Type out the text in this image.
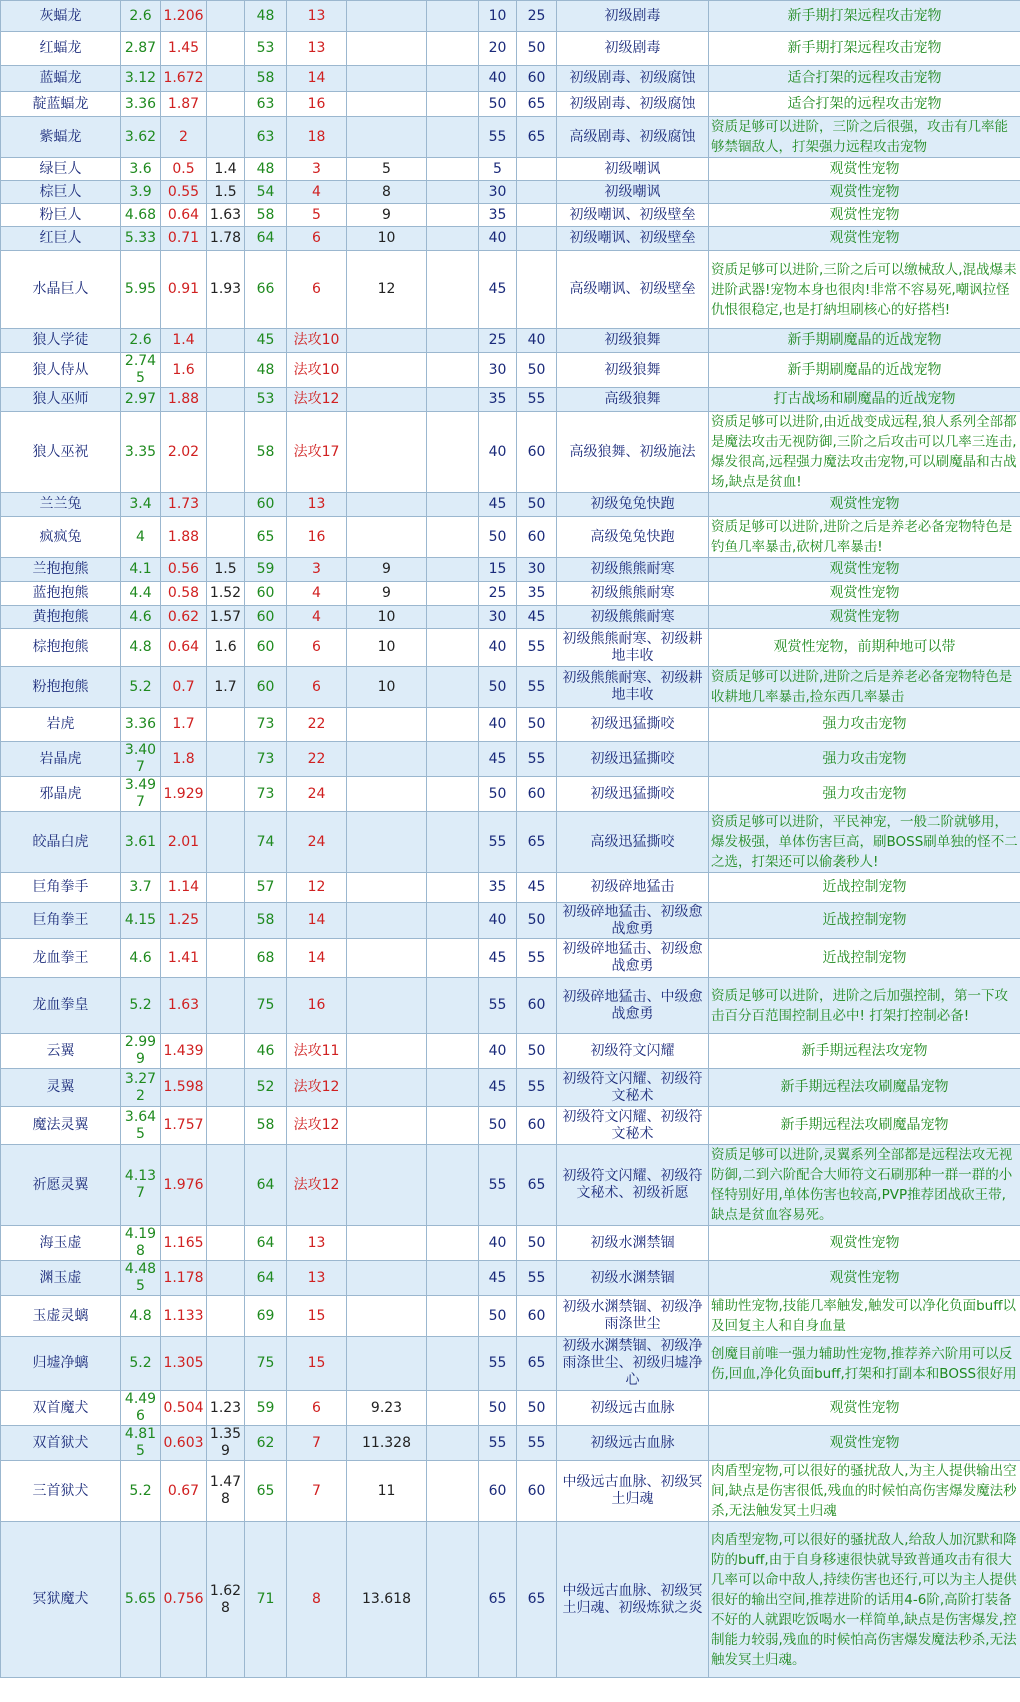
灰蝠龙	2.6	1.206		48	13			10	25	初级剧毒	新手期打架远程攻击宠物
红蝠龙	2.87	1.45		53	13			20	50	初级剧毒	新手期打架远程攻击宠物
蓝蝠龙	3.12	1.672		58	14			40	60	初级剧毒、初级腐蚀	适合打架的远程攻击宠物
靛蓝蝠龙	3.36	1.87		63	16			50	65	初级剧毒、初级腐蚀	适合打架的远程攻击宠物
紫蝠龙	3.62	2		63	18			55	65	高级剧毒、初级腐蚀	资质足够可以进阶，三阶之后很强，攻击有几率能够禁锢敌人，打架强力远程攻击宠物
绿巨人	3.6	0.5	1.4	48	3	5		5		初级嘲讽	观赏性宠物
棕巨人	3.9	0.55	1.5	54	4	8		30		初级嘲讽	观赏性宠物
粉巨人	4.68	0.64	1.63	58	5	9		35		初级嘲讽、初级壁垒	观赏性宠物
红巨人	5.33	0.71	1.78	64	6	10		40		初级嘲讽、初级壁垒	观赏性宠物
水晶巨人	5.95	0.91	1.93	66	6	12		45		高级嘲讽、初级壁垒	资质足够可以进阶,三阶之后可以缴械敌人,混战爆耒进阶武器!宠物本身也很肉!非常不容易死,嘲讽拉怪仇恨很稳定,也是打納坦刷核心的好搭档!
狼人学徒	2.6	1.4		45	法攻10			25	40	初级狼舞	新手期刷魔晶的近战宠物
狼人侍从	2.745	1.6		48	法攻10			30	50	初级狼舞	新手期刷魔晶的近战宠物
狼人巫师	2.97	1.88		53	法攻12			35	55	高级狼舞	打古战场和刷魔晶的近战宠物
狼人巫祝	3.35	2.02		58	法攻17			40	60	高级狼舞、初级施法	资质足够可以进阶,由近战变成远程,狼人系列全部都是魔法攻击无视防御,三阶之后攻击可以几率三连击,爆发很高,远程强力魔法攻击宠物,可以刷魔晶和古战场,缺点是贫血!
兰兰兔	3.4	1.73		60	13			45	50	初级兔兔快跑	观赏性宠物
疯疯兔	4	1.88		65	16			50	60	高级兔兔快跑	资质足够可以进阶,进阶之后是养老必备宠物特色是钓鱼几率暴击,砍树几率暴击!
兰抱抱熊	4.1	0.56	1.5	59	3	9		15	30	初级熊熊耐寒	观赏性宠物
蓝抱抱熊	4.4	0.58	1.52	60	4	9		25	35	初级熊熊耐寒	观赏性宠物
黄抱抱熊	4.6	0.62	1.57	60	4	10		30	45	初级熊熊耐寒	观赏性宠物
棕抱抱熊	4.8	0.64	1.6	60	6	10		40	55	初级熊熊耐寒、初级耕地丰收	观赏性宠物，前期种地可以带
粉抱抱熊	5.2	0.7	1.7	60	6	10		50	55	初级熊熊耐寒、初级耕地丰收	资质足够可以进阶,进阶之后是养老必备宠物特色是收耕地几率暴击,捡东西几率暴击
岩虎	3.36	1.7		73	22			40	50	初级迅猛撕咬	强力攻击宠物
岩晶虎	3.407	1.8		73	22			45	55	初级迅猛撕咬	强力攻击宠物
邪晶虎	3.497	1.929		73	24			50	60	初级迅猛撕咬	强力攻击宠物
皎晶白虎	3.61	2.01		74	24			55	65	高级迅猛撕咬	资质足够可以进阶，平民神宠，一般二阶就够用，爆发极强，单体伤害巨高，刷BOSS刷单独的怪不二之选，打架还可以偷袭秒人!
巨角拳手	3.7	1.14		57	12			35	45	初级碎地猛击	近战控制宠物
巨角拳王	4.15	1.25		58	14			40	50	初级碎地猛击、初级愈战愈勇	近战控制宠物
龙血拳王	4.6	1.41		68	14			45	55	初级碎地猛击、初级愈战愈勇	近战控制宠物
龙血拳皇	5.2	1.63		75	16			55	60	初级碎地猛击、中级愈战愈勇	资质足够可以进阶，进阶之后加强控制，第一下攻击百分百范围控制且必中! 打架打控制必备!
云翼	2.999	1.439		46	法攻11			40	50	初级符文闪耀	新手期远程法攻宠物
灵翼	3.272	1.598		52	法攻12			45	55	初级符文闪耀、初级符文秘术	新手期远程法攻刷魔晶宠物
魔法灵翼	3.645	1.757		58	法攻12			50	60	初级符文闪耀、初级符文秘术	新手期远程法攻刷魔晶宠物
祈愿灵翼	4.137	1.976		64	法攻12			55	65	初级符文闪耀、初级符文秘术、初级祈愿	资质足够可以进阶,灵翼系列全部都是远程法攻无视防御,二到六阶配合大师符文石刷那种一群一群的小怪特别好用,单体伤害也较高,PVP推荐团战砍王带,缺点是贫血容易死。
海玉虚	4.198	1.165		64	13			40	50	初级水渊禁锢	观赏性宠物
渊玉虚	4.485	1.178		64	13			45	55	初级水渊禁锢	观赏性宠物
玉虚灵螭	4.8	1.133		69	15			50	60	初级水渊禁锢、初级净雨涤世尘	辅助性宠物,技能几率触发,触发可以净化负面buff以及回复主人和自身血量
归墟净螭	5.2	1.305		75	15			55	65	初级水渊禁锢、初级净雨涤世尘、初级归墟净心	创魔目前唯一强力辅助性宠物,推荐养六阶用可以反伤,回血,净化负面buff,打架和打副本和BOSS很好用
双首魔犬	4.496	0.504	1.23	59	6	9.23		50	50	初级远古血脉	观赏性宠物
双首狱犬	4.815	0.603	1.359	62	7	11.328		55	55	初级远古血脉	观赏性宠物
三首狱犬	5.2	0.67	1.478	65	7	11		60	60	中级远古血脉、初级冥土归魂	肉盾型宠物,可以很好的骚扰敌人,为主人提供输出空间,缺点是伤害很低,残血的时候怕高伤害爆发魔法秒杀,无法触发冥土归魂
冥狱魔犬	5.65	0.756	1.628	71	8	13.618		65	65	中级远古血脉、初级冥土归魂、初级炼狱之炎	肉盾型宠物,可以很好的骚扰敌人,给敌人加沉默和降防的buff,由于自身移速很快就导致普通攻击有很大几率可以命中敌人,持续伤害也还行,可以为主人提供很好的输出空间,推荐进阶的话用4-6阶,高阶打装备不好的人就跟吃饭喝水一样简单,缺点是伤害爆发,控制能力较弱,残血的时候怕高伤害爆发魔法秒杀,无法触发冥土归魂。
